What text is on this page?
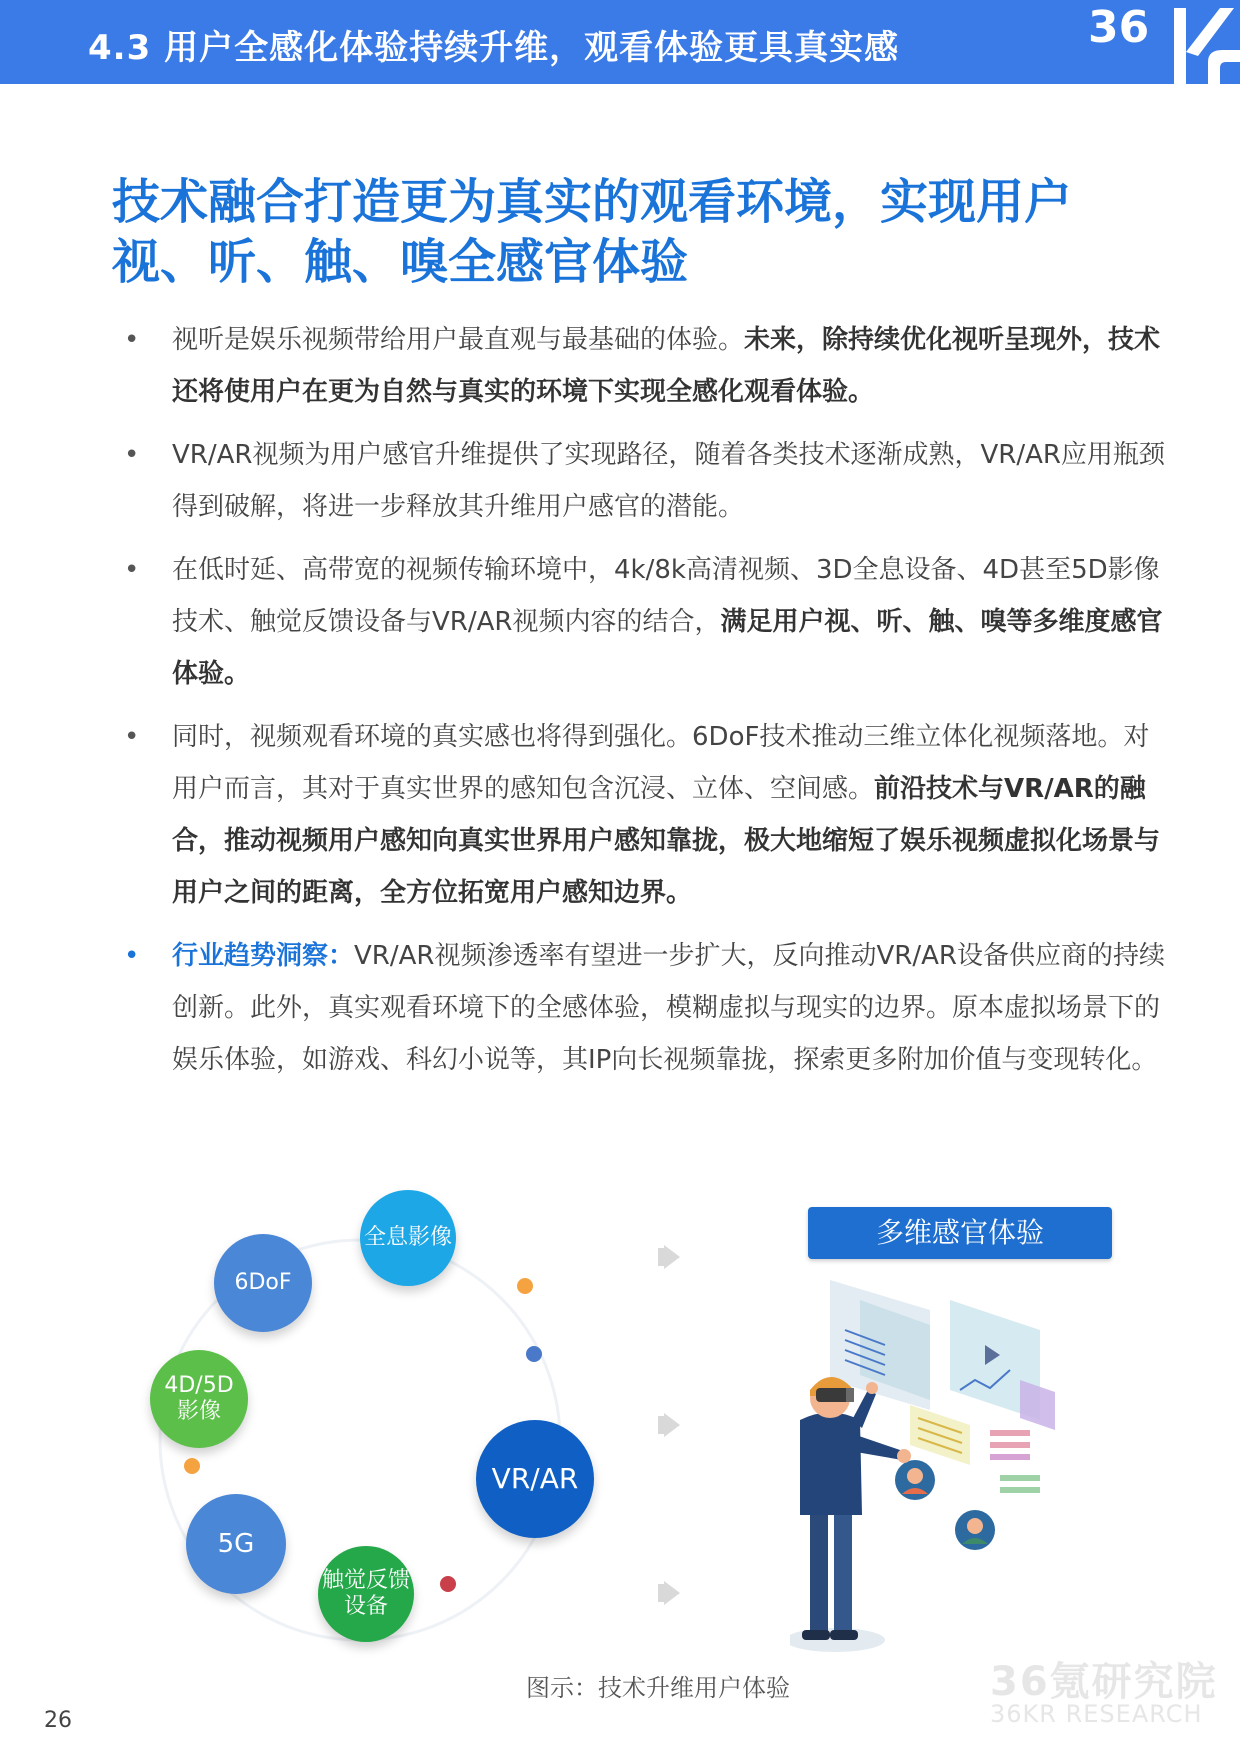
4.3 用户全感化体验持续升维，观看体验更具真实感	36
技术融合打造更为真实的观看环境，实现用户
视、听、触、嗅全感官体验
• 视听是娱乐视频带给用户最直观与最基础的体验。未来，除持续优化视听呈现外，技术还将使用户在更为自然与真实的环境下实现全感化观看体验。
• VR/AR视频为用户感官升维提供了实现路径，随着各类技术逐渐成熟，VR/AR应用瓶颈得到破解，将进一步释放其升维用户感官的潜能。
• 在低时延、高带宽的视频传输环境中，4k/8k高清视频、3D全息设备、4D甚至5D影像技术、触觉反馈设备与VR/AR视频内容的结合，满足用户视、听、触、嗅等多维度感官体验。
• 同时，视频观看环境的真实感也将得到强化。6DoF技术推动三维立体化视频落地。对用户而言，其对于真实世界的感知包含沉浸、立体、空间感。前沿技术与VR/AR的融合，推动视频用户感知向真实世界用户感知靠拢，极大地缩短了娱乐视频虚拟化场景与用户之间的距离，全方位拓宽用户感知边界。
• 行业趋势洞察：VR/AR视频渗透率有望进一步扩大，反向推动VR/AR设备供应商的持续创新。此外，真实观看环境下的全感体验，模糊虚拟与现实的边界。原本虚拟场景下的娱乐体验，如游戏、科幻小说等，其IP向长视频靠拢，探索更多附加价值与变现转化。
全息影像
6DoF
4D/5D
影像
5G
触觉反馈
设备
VR/AR
多维感官体验
图示：技术升维用户体验	36氪研究院
36KR RESEARCH
26
